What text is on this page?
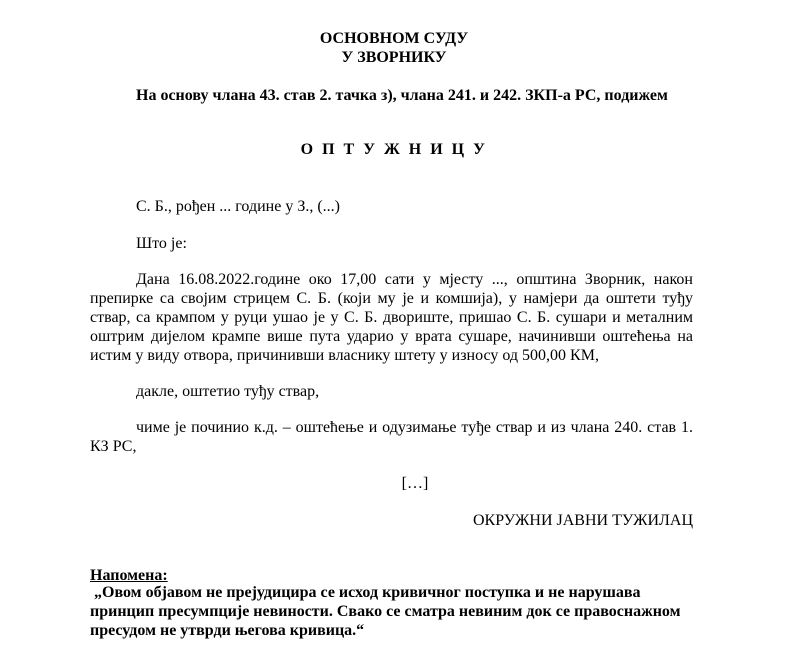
ОСНОВНОМ СУДУ
У ЗВОРНИКУ
На основу члана 43. став 2. тачка з), члана 241. и 242. ЗКП-а РС, подижем
О П Т У Ж Н И Ц У
С. Б., рођен ... године у З., (...)
Што је:
Дана 16.08.2022.године око 17,00 сати у мјесту ..., општина Зворник, након
препирке са својим стрицем С. Б. (који му је и комшија), у намјери да оштети туђу
ствар, са крампом у руци ушао је у С. Б. двориште, пришао С. Б. сушари и металним
оштрим дијелом крампе више пута ударио у врата сушаре, начинивши оштећења на
истим у виду отвора, причинивши власнику штету у износу од 500,00 КМ,
дакле, оштетио туђу ствар,
чиме је починио к.д. – оштећење и одузимање туђе ствар и из члана 240. став 1.
КЗ РС,
[…]
ОКРУЖНИ ЈАВНИ ТУЖИЛАЦ
Напомена:
„Овом објавом не прејудицира се исход кривичног поступка и не нарушава
принцип пресумпције невиности. Свако се сматра невиним док се правоснажном
пресудом не утврди његова кривица.“
